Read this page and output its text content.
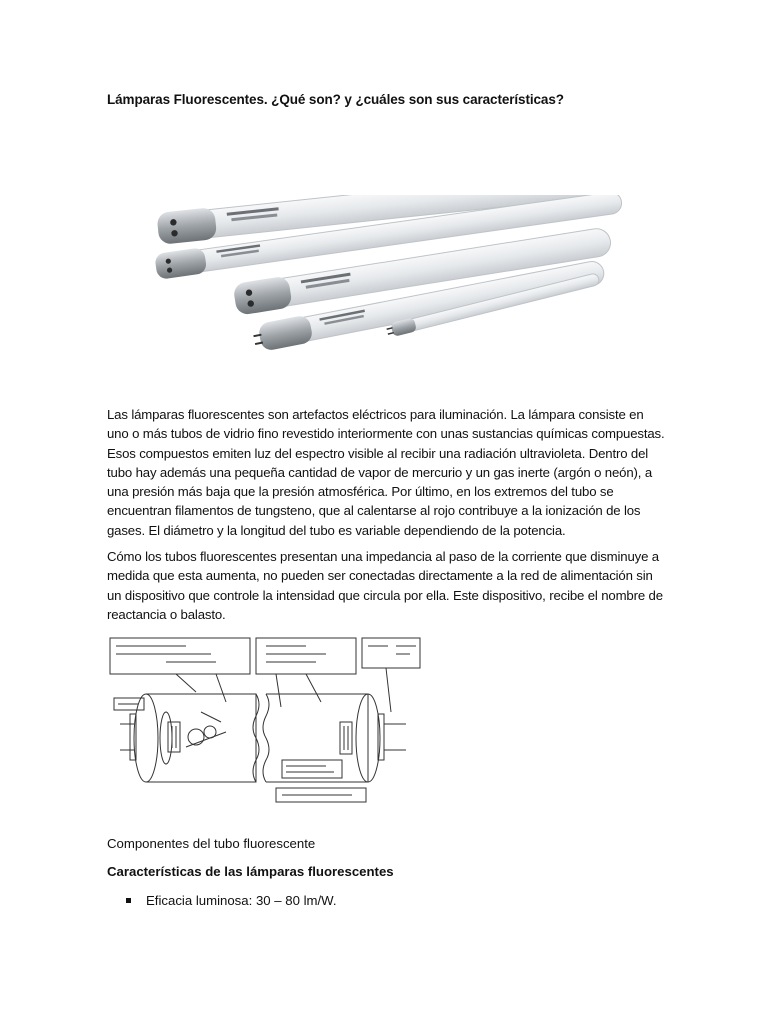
Lámparas Fluorescentes. ¿Qué son? y ¿cuáles son sus características?
Las lámparas fluorescentes son artefactos eléctricos para iluminación. La lámpara consiste en uno o más tubos de vidrio fino revestido interiormente con unas sustancias químicas compuestas. Esos compuestos emiten luz del espectro visible al recibir una radiación ultravioleta. Dentro del tubo hay además una pequeña cantidad de vapor de mercurio y un gas inerte (argón o neón), a una presión más baja que la presión atmosférica. Por último, en los extremos del tubo se encuentran filamentos de tungsteno, que al calentarse al rojo contribuye a la ionización de los gases. El diámetro y la longitud del tubo es variable dependiendo de la potencia.
Cómo los tubos fluorescentes presentan una impedancia al paso de la corriente que disminuye a medida que esta aumenta, no pueden ser conectadas directamente a la red de alimentación sin un dispositivo que controle la intensidad que circula por ella. Este dispositivo, recibe el nombre de reactancia o balasto.
Componentes del tubo fluorescente
Características de las lámparas fluorescentes
Eficacia luminosa: 30 – 80 lm/W.
